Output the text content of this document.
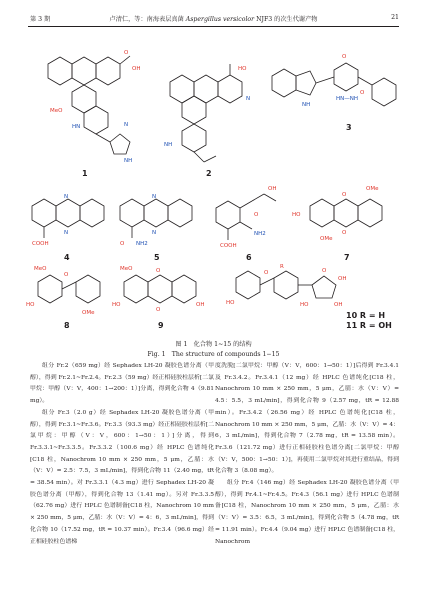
第 3 期	卢清仁，等：南海表层真菌 Aspergillus versicolor NJF3 的次生代谢产物	21
O
OH
MeO
HN
NH
N
1
HO
N
NH
2
NH
HN—NH
O
O
3
N
N
COOH
4
N
N
NH2
O
5
OH
O
NH2
COOH
6
O
O
OMe
HO
OMe
7
MeO
O
HO
OMe
8
MeO	O
O
HO	OH
9
O
HO
R
O
OH
OH
HO
10 R = H
11 R = OH
图 1　化合物 1~15 的结构
Fig. 1　The structure of compounds 1−15

组分 Fr.2（659 mg）经 Sephadex LH-20 凝胶色谱分离（甲醇），得到 Fr.2.1~Fr.2.4。Fr.2.3（59 mg）经正相硅胶柱层析[二氯甲烷：甲醇（V：V，400：1→200：1）]分离，得到化合物 4（9.81 mg）。

组分 Fr.3（2.0 g）经 Sephadex LH-20 凝胶色谱分离（甲醇），得到 Fr.3.1~Fr.3.6。Fr.3.3（93.3 mg）经正相硅胶柱层析[二氯甲烷：甲醇（V：V，600：1→50：1）]分离，得到 Fr.3.3.1~Fr.3.3.5。Fr.3.3.2（100.6 mg）经 HPLC 色谱纯化[C18 柱，Nanochrom 10 mm × 250 mm，5 μm，乙腈：水（V：V）= 2.5：7.5，3 mL/min]，得到化合物 11（2.40 mg，tR = 38.54 min）。对 Fr.3.3.1（4.3 mg）进行 Sephadex LH-20 凝胶色谱分离（甲醇），得到化合物 13（1.41 mg）。另对 Fr.3.3.5（62.76 mg）进行 HPLC 色谱制备[C18 柱，Nanochrom 10 mm × 250 mm，5 μm，乙腈：水（V：V）= 4：6，3 mL/min]，得到化合物 10（17.52 mg，tR = 10.37 min）。Fr.3.4（96.6 mg）经正相硅胶柱色谱梯

度洗脱[二氯甲烷：甲醇（V：V，600：1→50：1）]后得到 Fr.3.4.1 及 Fr.3.4.2。Fr.3.4.1（12 mg）经 HPLC 色谱纯化[C18 柱，Nanochrom 10 mm × 250 mm，5 μm，乙腈：水（V：V）= 4.5：5.5，3 mL/min]，得到化合物 9（2.57 mg，tR = 12.88 min）。Fr.3.4.2（26.56 mg）经 HPLC 色谱纯化[C18 柱，Nanochrom 10 mm × 250 mm，5 μm，乙腈：水（V：V）= 4：6，3 mL/min]，得到化合物 7（2.78 mg，tR = 13.58 min）。Fr.3.6（121.72 mg）进行正相硅胶柱色谱分离[二氯甲烷：甲醇（V：V，500：1→50：1）]，再使用二氯甲烷对其进行重结晶，得到化合物 3（8.08 mg）。

组分 Fr.4（146 mg）经 Sephadex LH-20 凝胶色谱分离（甲醇），得到 Fr.4.1~Fr.4.5。Fr.4.3（56.1 mg）进行 HPLC 色谱制备[C18 柱，Nanochrom 10 mm × 250 mm，5 μm，乙腈：水（V：V）= 3.5：6.5，3 mL/min]，得到化合物 5（4.78 mg，tR = 11.91 min）。Fr.4.4（9.04 mg）进行 HPLC 色谱制备[C18 柱，Nanochrom
